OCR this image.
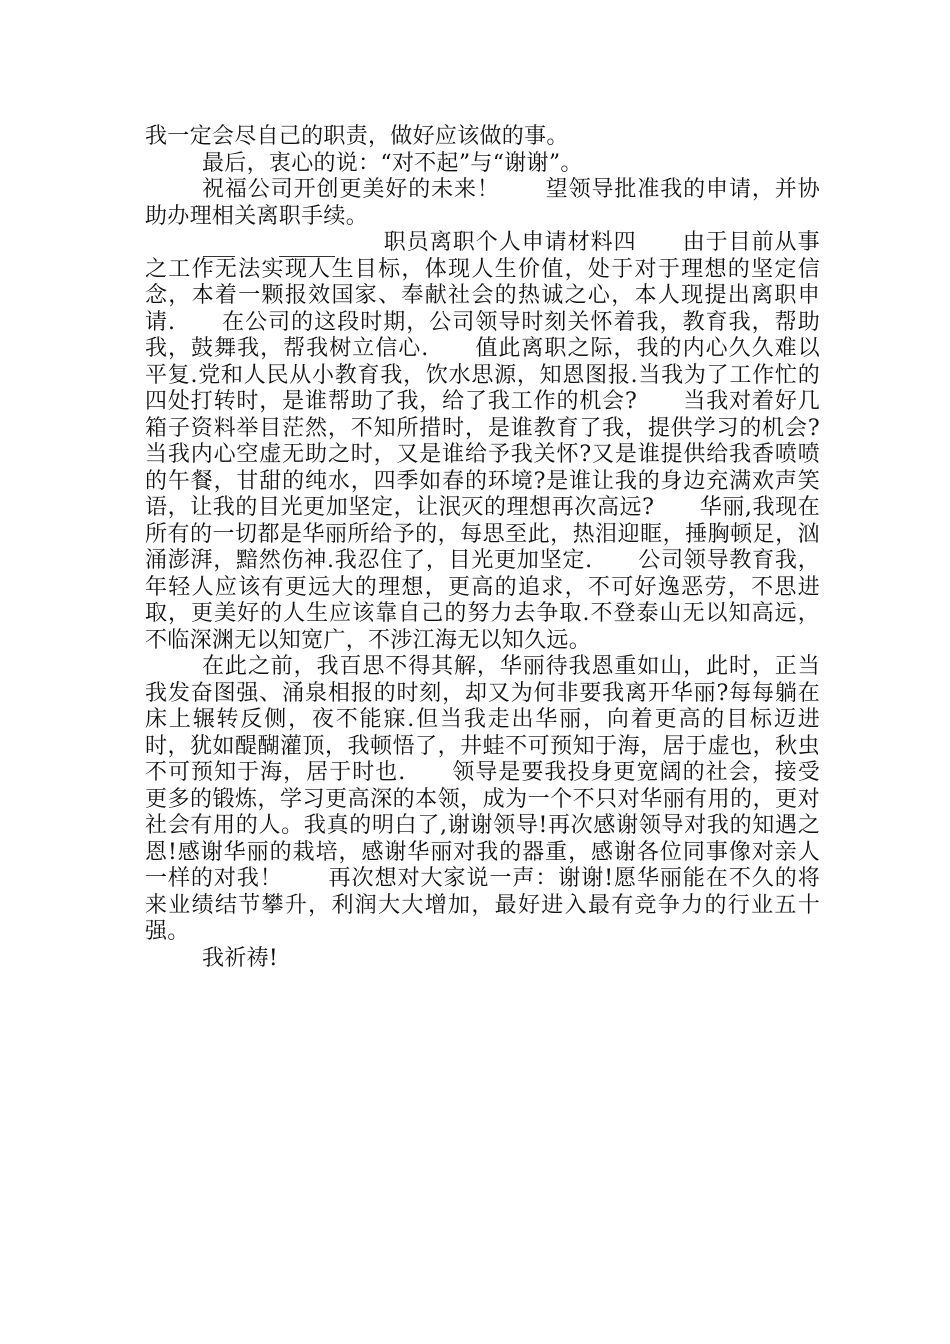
我一定会尽自己的职责，做好应该做的事。

最后，衷心的说：“对不起”与“谢谢”。

祝福公司开创更美好的未来！　　望领导批准我的申请，并协助办理相关离职手续。

职员离职个人申请材料四　　 由于目前从事之工作无法实现人生目标，体现人生价值，处于对于理想的坚定信念，本着一颗报效国家、奉献社会的热诚之心，本人现提出离职申请.　　在公司的这段时期，公司领导时刻关怀着我，教育我，帮助我，鼓舞我，帮我树立信心.　　值此离职之际，我的内心久久难以平复.党和人民从小教育我，饮水思源，知恩图报.当我为了工作忙的四处打转时，是谁帮助了我，给了我工作的机会?　　当我对着好几箱子资料举目茫然，不知所措时，是谁教育了我，提供学习的机会?　　当我内心空虚无助之时，又是谁给予我关怀?又是谁提供给我香喷喷的午餐，甘甜的纯水，四季如春的环境?是谁让我的身边充满欢声笑语，让我的目光更加坚定，让泯灭的理想再次高远?　　华丽,我现在所有的一切都是华丽所给予的，每思至此，热泪迎眶，捶胸顿足，汹涌澎湃，黯然伤神.我忍住了，目光更加坚定.　　公司领导教育我，年轻人应该有更远大的理想，更高的追求，不可好逸恶劳，不思进取，更美好的人生应该靠自己的努力去争取.不登泰山无以知高远，不临深渊无以知宽广，不涉江海无以知久远。

在此之前，我百思不得其解，华丽待我恩重如山，此时，正当我发奋图强、涌泉相报的时刻，却又为何非要我离开华丽?每每躺在床上辗转反侧，夜不能寐.但当我走出华丽，向着更高的目标迈进时，犹如醍醐灌顶，我顿悟了，井蛙不可预知于海，居于虚也，秋虫不可预知于海，居于时也.　　领导是要我投身更宽阔的社会，接受更多的锻炼，学习更高深的本领，成为一个不只对华丽有用的，更对社会有用的人。我真的明白了,谢谢领导!再次感谢领导对我的知遇之恩!感谢华丽的栽培，感谢华丽对我的器重，感谢各位同事像对亲人一样的对我！　　再次想对大家说一声：谢谢!愿华丽能在不久的将来业绩结节攀升，利润大大增加，最好进入最有竞争力的行业五十强。

我祈祷!
